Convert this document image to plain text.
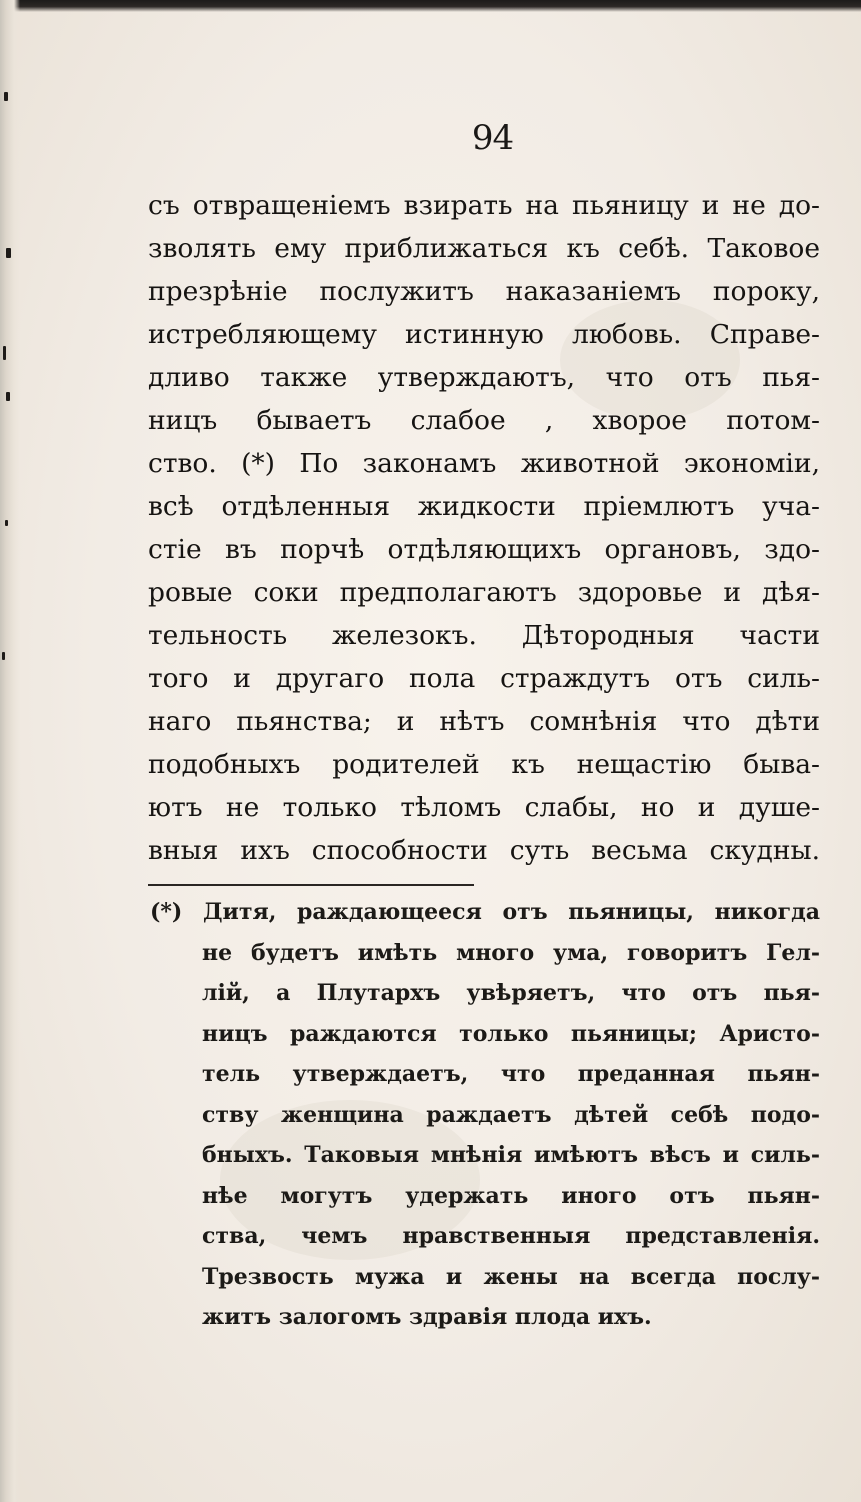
94
съ отвращенiемъ взирать на пьяницу и не до-
зволять ему приближаться къ себѣ. Таковое
презрѣнiе послужитъ наказанiемъ пороку,
истребляющему истинную любовь. Справе-
дливо также утверждаютъ, что отъ пья-
ницъ бываетъ слабое , хворое потом-
ство. (*) По законамъ животной экономiи,
всѣ отдѣленныя жидкости прiемлютъ уча-
стiе въ порчѣ отдѣляющихъ органовъ, здо-
ровые соки предполагаютъ здоровье и дѣя-
тельность железокъ. Дѣтородныя части
того и другаго пола страждутъ отъ силь-
наго пьянства; и нѣтъ сомнѣнiя что дѣти
подобныхъ родителей къ нещастiю быва-
ютъ не только тѣломъ слабы, но и душе-
вныя ихъ способности суть весьма скудны.
(*) Дитя, раждающееся отъ пьяницы, никогда
не будетъ имѣть много ума, говоритъ Гел-
лiй, а Плутархъ увѣряетъ, что отъ пья-
ницъ раждаются только пьяницы; Аристо-
тель утверждаетъ, что преданная пьян-
ству женщина раждаетъ дѣтей себѣ подо-
бныхъ. Таковыя мнѣнiя имѣютъ вѣсъ и силь-
нѣе могутъ удержать иного отъ пьян-
ства, чемъ нравственныя представленiя.
Трезвость мужа и жены на всегда послу-
житъ залогомъ здравiя плода ихъ.
